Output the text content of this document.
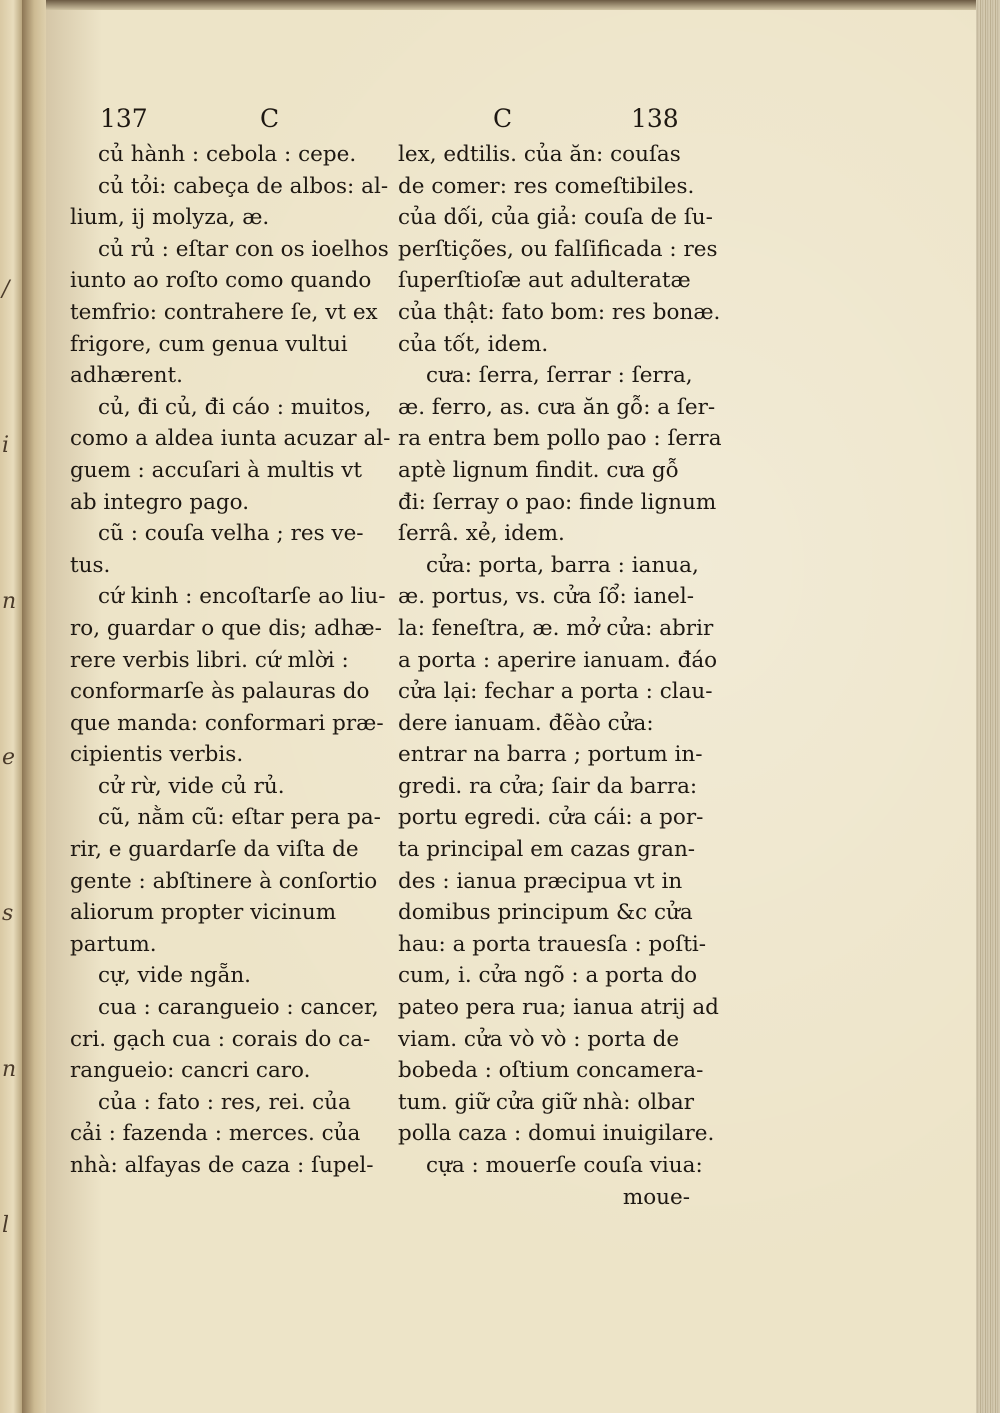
/

i

n

e

s

n

l

137	C
củ hành : cebola : cepe.
củ tỏi: cabeça de albos: al-
lium, ij molyza, æ.
củ rủ : eſtar con os ioelhos
iunto ao roſto como quando
temfrio: contrahere ſe, vt ex
frigore, cum genua vultui
adhærent.
củ, đi củ, đi cáo : muitos,
como a aldea iunta acuzar al-
guem : accuſari à multis vt
ab integro pago.
cũ : couſa velha ; res ve-
tus.
cứ kinh : encoſtarſe ao liu-
ro, guardar o que dis; adhæ-
rere verbis libri. cứ mlời :
conformarſe às palauras do
que manda: conformari præ-
cipientis verbis.
cử rừ, vide củ rủ.
cũ, nằm cũ: eſtar pera pa-
rir, e guardarſe da viſta de
gente : abſtinere à conſortio
aliorum propter vicinum
partum.
cự, vide ngẵn.
cua : carangueio : cancer,
cri. gạch cua : corais do ca-
rangueio: cancri caro.
của : fato : res, rei. của
cải : fazenda : merces. của
nhà: alfayas de caza : ſupel-
C	138
lex, edtilis. của ăn: couſas
de comer: res comeſtibiles.
của dối, của giả: couſa de ſu-
perſtições, ou falſificada : res
ſuperſtioſæ aut adulteratæ
của thật: fato bom: res bonæ.
của tốt, idem.
cưa: ſerra, ſerrar : ſerra,
æ. ferro, as. cưa ăn gỗ: a ſer-
ra entra bem pollo pao : ſerra
aptè lignum findit. cưa gỗ
đi: ſerray o pao: finde lignum
ſerrâ. xẻ, idem.
cửa: porta, barra : ianua,
æ. portus, vs. cửa ſổ: ianel-
la: feneſtra, æ. mở cửa: abrir
a porta : aperire ianuam. đáo
cửa lại: fechar a porta : clau-
dere ianuam. đẽào cửa:
entrar na barra ; portum in-
gredi. ra cửa; ſair da barra:
portu egredi. cửa cái: a por-
ta principal em cazas gran-
des : ianua præcipua vt in
domibus principum &c cửa
hau: a porta trauesſa : poſti-
cum, i. cửa ngõ : a porta do
pateo pera rua; ianua atrij ad
viam. cửa vò vò : porta de
bobeda : oſtium concamera-
tum. giữ cửa giữ nhà: olbar
polla caza : domui inuigilare.
cựa : mouerſe couſa viua:
moue-
